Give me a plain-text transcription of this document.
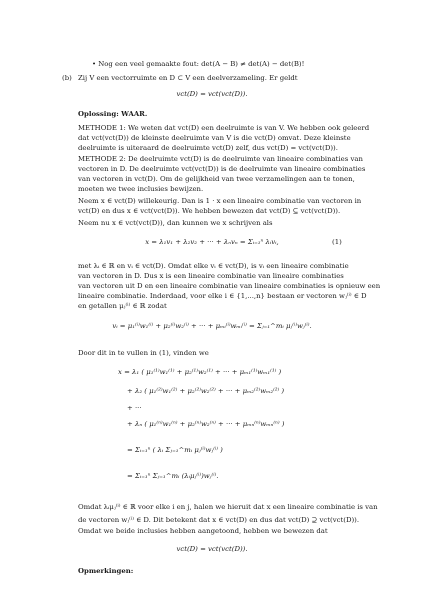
• Nog een veel gemaakte fout: det(A − B) ≠ det(A) − det(B)!
(b) Zij V een vectorruimte en D ⊂ V een deelverzameling. Er geldt
vct(D) = vct(vct(D)).
Oplossing: WAAR.
METHODE 1: We weten dat vct(D) een deelruimte is van V. We hebben ook geleerd
dat vct(vct(D)) de kleinste deelruimte van V is die vct(D) omvat. Deze kleinste
deelruimte is uiteraard de deelruimte vct(D) zelf, dus vct(D) = vct(vct(D)).
METHODE 2: De deelruimte vct(D) is de deelruimte van lineaire combinaties van
vectoren in D. De deelruimte vct(vct(D)) is de deelruimte van lineaire combinaties
van vectoren in vct(D). Om de gelijkheid van twee verzamelingen aan te tonen,
moeten we twee inclusies bewijzen.
Neem x ∈ vct(D) willekeurig. Dan is 1 · x een lineaire combinatie van vectoren in
vct(D) en dus x ∈ vct(vct(D)). We hebben bewezen dat vct(D) ⊆ vct(vct(D)).
Neem nu x ∈ vct(vct(D)), dan kunnen we x schrijven als
x = λ₁v₁ + λ₂v₂ + ··· + λₙvₙ = Σᵢ₌₁ⁿ λᵢvᵢ,	(1)
met λᵢ ∈ ℝ en vᵢ ∈ vct(D). Omdat elke vᵢ ∈ vct(D), is vᵢ een lineaire combinatie
van vectoren in D. Dus x is een lineaire combinatie van lineaire combinaties
van vectoren uit D en een lineaire combinatie van lineaire combinaties is opnieuw een
lineaire combinatie. Inderdaad, voor elke i ∈ {1,...,n} bestaan er vectoren wⱼ⁽ⁱ⁾ ∈ D
en getallen μⱼ⁽ⁱ⁾ ∈ ℝ zodat
vᵢ = μ₁⁽ⁱ⁾w₁⁽ⁱ⁾ + μ₂⁽ⁱ⁾w₂⁽ⁱ⁾ + ··· + μₘᵢ⁽ⁱ⁾wₘᵢ⁽ⁱ⁾ = Σⱼ₌₁^mᵢ μⱼ⁽ⁱ⁾wⱼ⁽ⁱ⁾.
Door dit in te vullen in (1), vinden we
x = λ₁ ( μ₁⁽¹⁾w₁⁽¹⁾ + μ₂⁽¹⁾w₂⁽¹⁾ + ··· + μₘ₁⁽¹⁾wₘ₁⁽¹⁾ )
+ λ₂ ( μ₁⁽²⁾w₁⁽²⁾ + μ₂⁽²⁾w₂⁽²⁾ + ··· + μₘ₂⁽²⁾wₘ₂⁽²⁾ )
+ ···
+ λₙ ( μ₁⁽ⁿ⁾w₁⁽ⁿ⁾ + μ₂⁽ⁿ⁾w₂⁽ⁿ⁾ + ··· + μₘₙ⁽ⁿ⁾wₘₙ⁽ⁿ⁾ )
= Σᵢ₌₁ⁿ ( λᵢ Σⱼ₌₁^mᵢ μⱼ⁽ⁱ⁾wⱼ⁽ⁱ⁾ )
= Σᵢ₌₁ⁿ Σⱼ₌₁^mᵢ (λᵢμⱼ⁽ⁱ⁾)wⱼ⁽ⁱ⁾.
Omdat λᵢμⱼ⁽ⁱ⁾ ∈ ℝ voor elke i en j, halen we hieruit dat x een lineaire combinatie is van
de vectoren wⱼ⁽ⁱ⁾ ∈ D. Dit betekent dat x ∈ vct(D) en dus dat vct(D) ⊇ vct(vct(D)).
Omdat we beide inclusies hebben aangetoond, hebben we bewezen dat
vct(D) = vct(vct(D)).
Opmerkingen:
